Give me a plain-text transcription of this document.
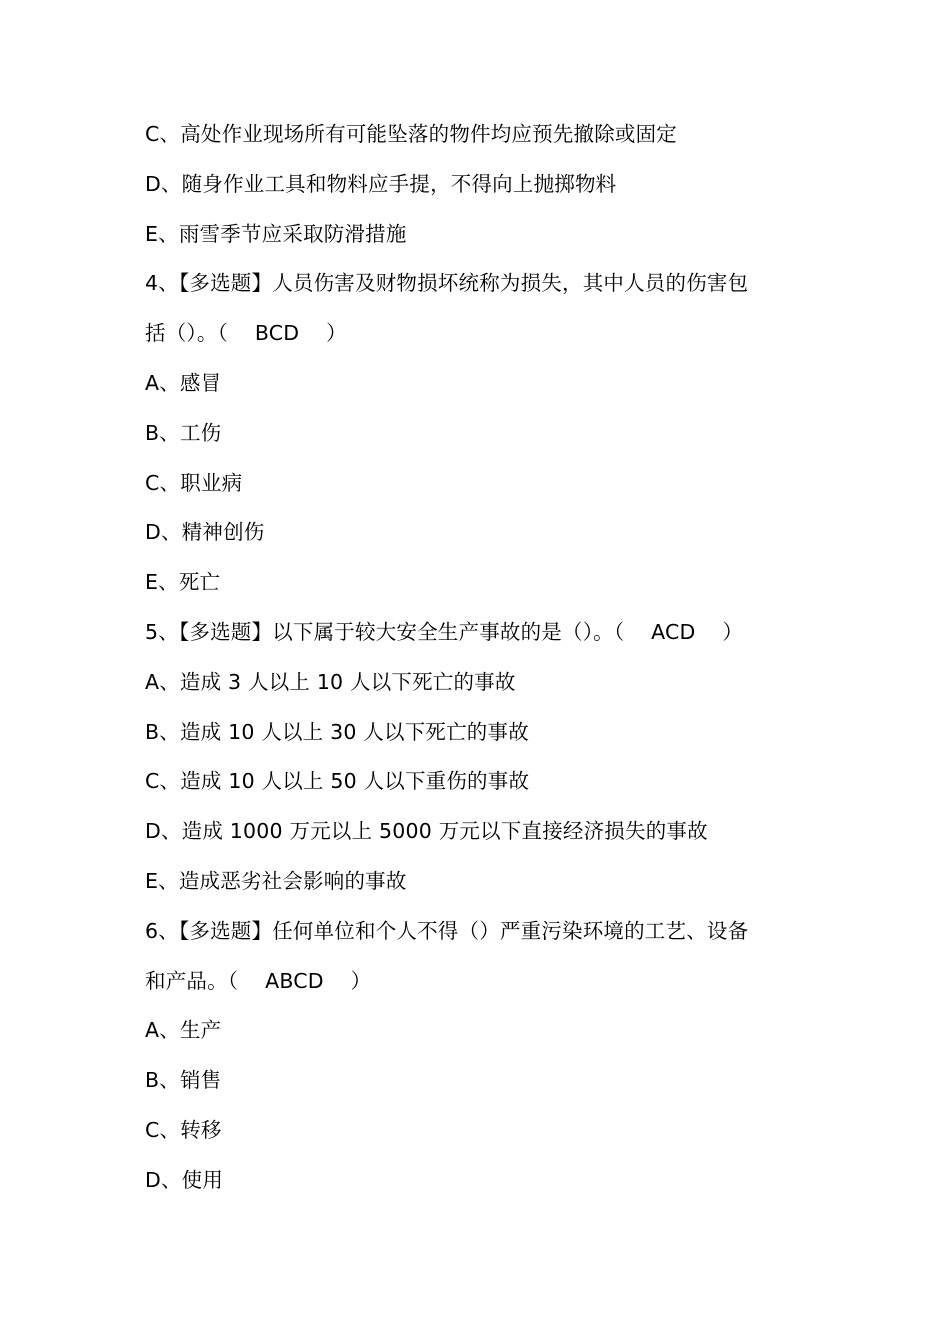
C、高处作业现场所有可能坠落的物件均应预先撤除或固定
D、随身作业工具和物料应手提，不得向上抛掷物料
E、雨雪季节应采取防滑措施
4、【多选题】人员伤害及财物损坏统称为损失，其中人员的伤害包
括（）。（    BCD    ）
A、感冒
B、工伤
C、职业病
D、精神创伤
E、死亡
5、【多选题】以下属于较大安全生产事故的是（）。（    ACD    ）
A、造成 3 人以上 10 人以下死亡的事故
B、造成 10 人以上 30 人以下死亡的事故
C、造成 10 人以上 50 人以下重伤的事故
D、造成 1000 万元以上 5000 万元以下直接经济损失的事故
E、造成恶劣社会影响的事故
6、【多选题】任何单位和个人不得（）严重污染环境的工艺、设备
和产品。（    ABCD    ）
A、生产
B、销售
C、转移
D、使用
